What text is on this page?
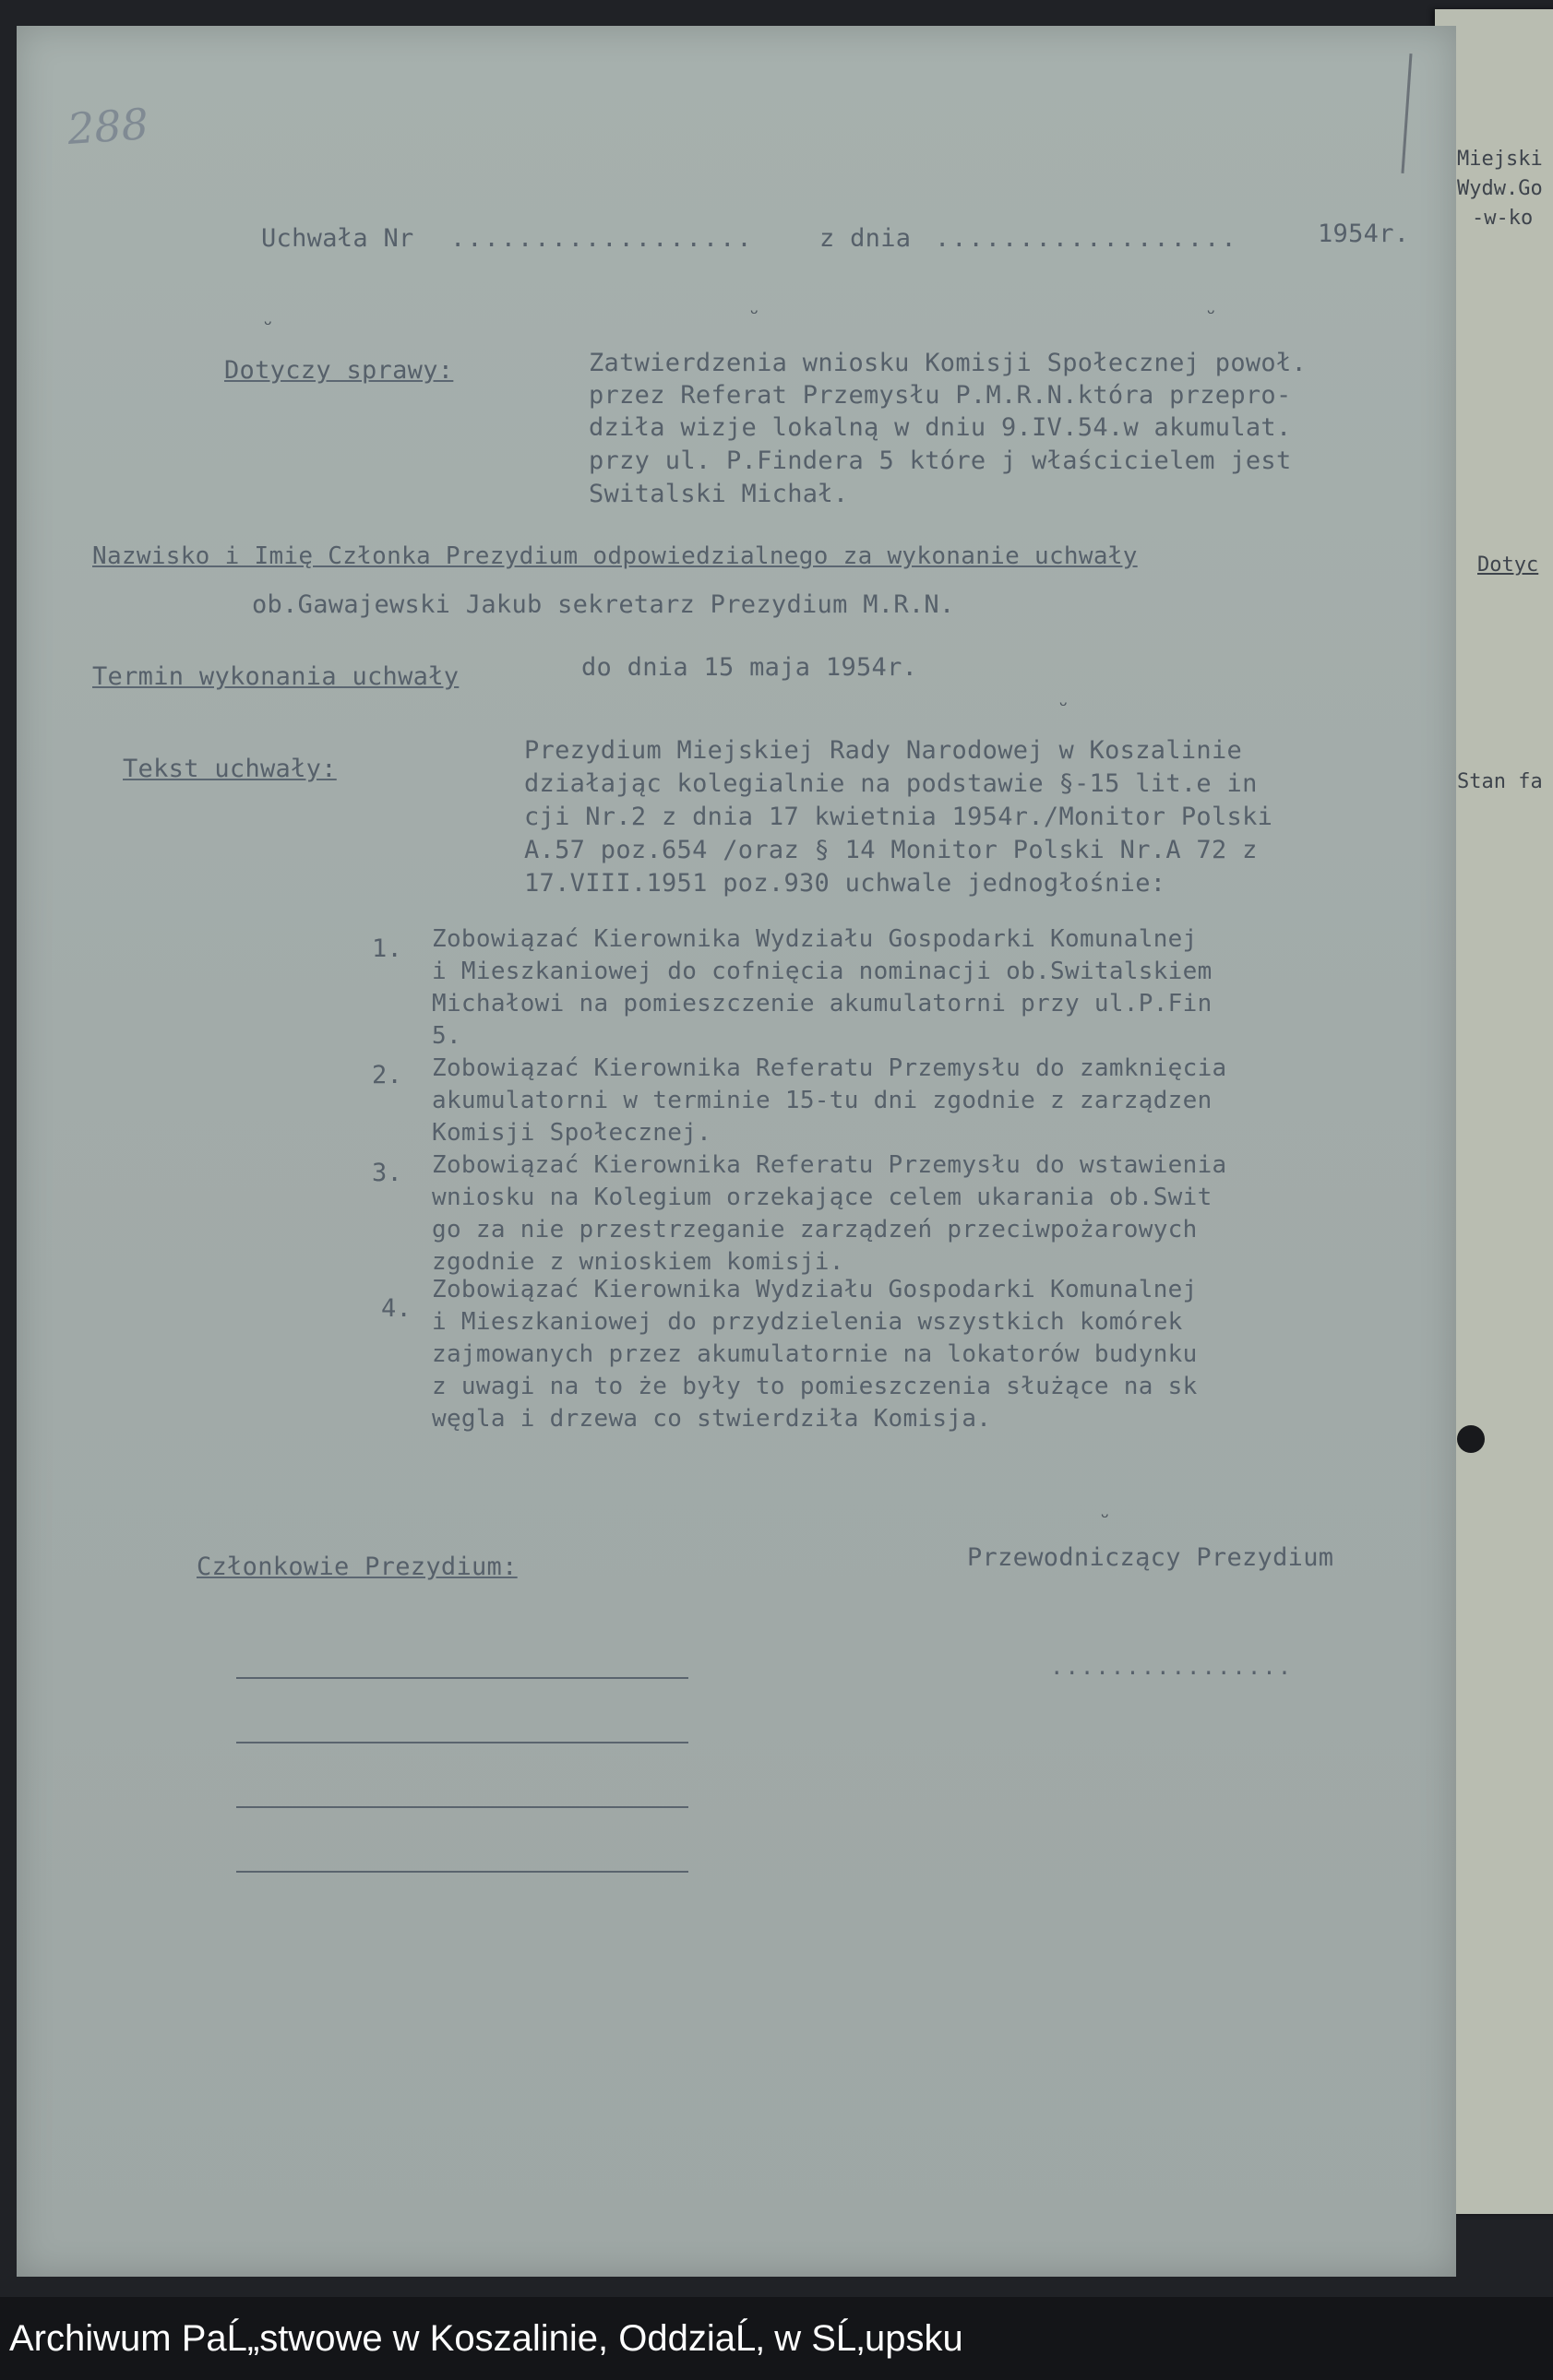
Miejski
Wydw.Go
-w-ko
Dotyc
Stan fa
288
Uchwała Nr ..................	z dnia ..................	1954r.
Dotyczy sprawy:	Zatwierdzenia wniosku Komisji Społecznej powoł.
przez Referat Przemysłu P.M.R.N.która przepro-
dziła wizje lokalną w dniu 9.IV.54.w akumulat.
przy ul. P.Findera 5 które j właścicielem jest
Switalski Michał.
Nazwisko i Imię Członka Prezydium odpowiedzialnego za wykonanie uchwały
ob.Gawajewski Jakub sekretarz Prezydium M.R.N.
Termin wykonania uchwały	do dnia 15 maja 1954r.
Tekst uchwały:
Prezydium Miejskiej Rady Narodowej w Koszalinie
działając kolegialnie na podstawie §-15 lit.e in
cji Nr.2 z dnia 17 kwietnia 1954r./Monitor Polski
A.57 poz.654 /oraz § 14 Monitor Polski Nr.A 72 z
17.VIII.1951 poz.930 uchwale jednogłośnie:
1. Zobowiązać Kierownika Wydziału Gospodarki Komunalnej
i Mieszkaniowej do cofnięcia nominacji ob.Switalskiem
Michałowi na pomieszczenie akumulatorni przy ul.P.Fin
5.
2. Zobowiązać Kierownika Referatu Przemysłu do zamknięcia
akumulatorni w terminie 15-tu dni zgodnie z zarządzen
Komisji Społecznej.
3. Zobowiązać Kierownika Referatu Przemysłu do wstawienia
wniosku na Kolegium orzekające celem ukarania ob.Swit
go za nie przestrzeganie zarządzeń przeciwpożarowych
zgodnie z wnioskiem komisji.
4.
Zobowiązać Kierownika Wydziału Gospodarki Komunalnej
i Mieszkaniowej do przydzielenia wszystkich komórek
zajmowanych przez akumulatornie na lokatorów budynku
z uwagi na to że były to pomieszczenia służące na sk
węgla i drzewa co stwierdziła Komisja.
Członkowie Prezydium:	Przewodniczący Prezydium
................
ᵕ	ᵕ	ᵕ
ᵕ
ᵕ
Archiwum PaĹ„stwowe w Koszalinie, OddziaĹ‚ w SĹ‚upsku
